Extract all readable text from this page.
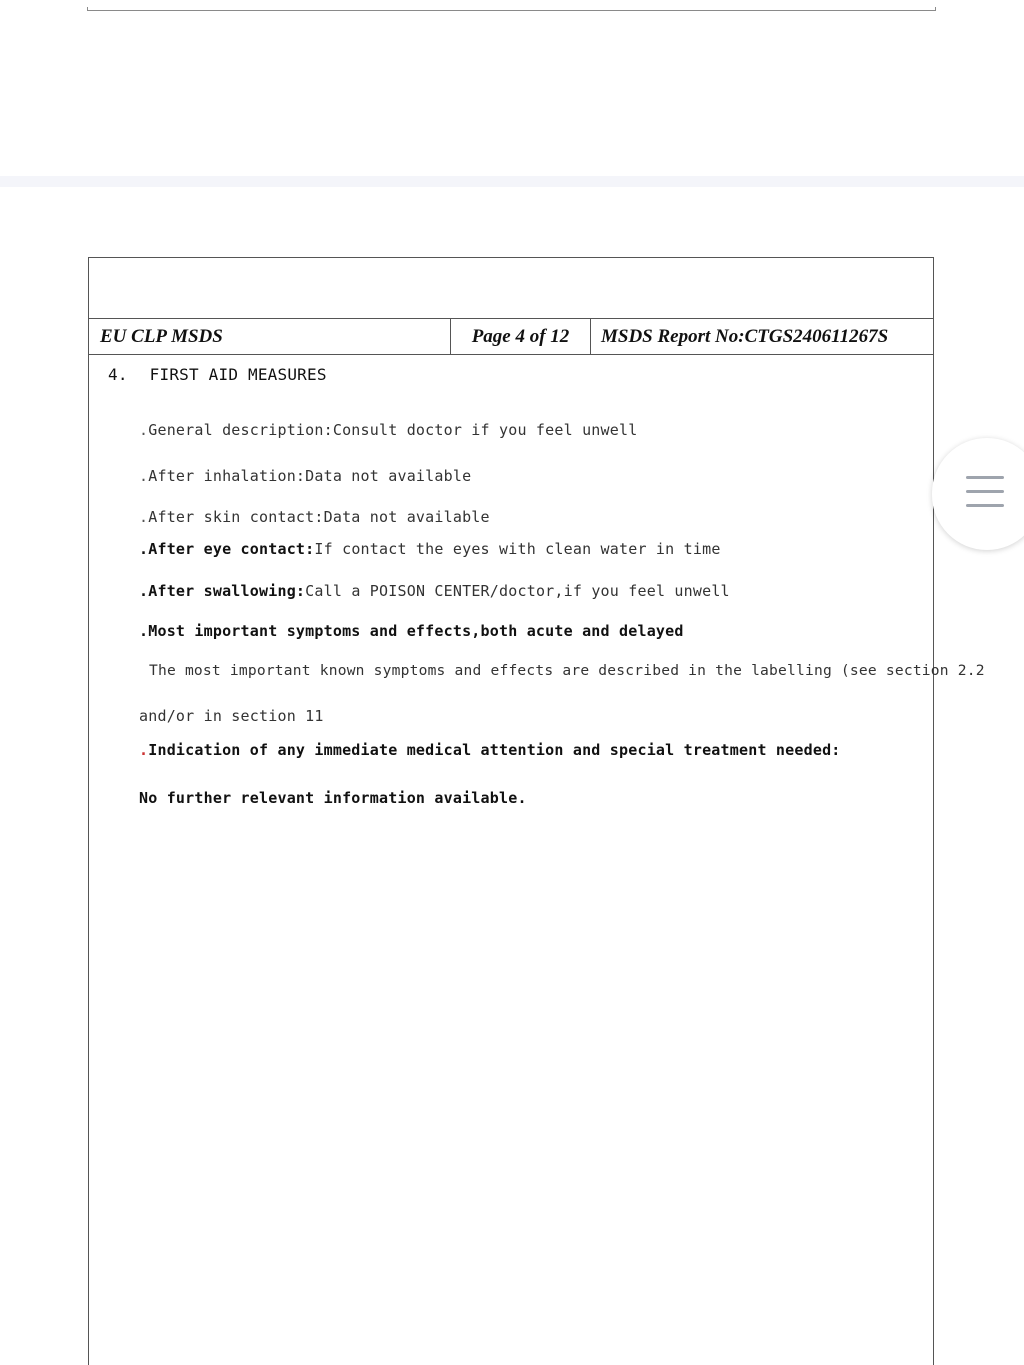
EU CLP MSDS	Page 4 of 12 MSDS Report No:CTGS240611267S
4. FIRST AID MEASURES
.General description:Consult doctor if you feel unwell
.After inhalation:Data not available
.After skin contact:Data not available
.After eye contact:If contact the eyes with clean water in time
.After swallowing:Call a POISON CENTER/doctor,if you feel unwell
.Most important symptoms and effects,both acute and delayed
The most important known symptoms and effects are described in the labelling (see section 2.2
and/or in section 11
.Indication of any immediate medical attention and special treatment needed:
No further relevant information available.
